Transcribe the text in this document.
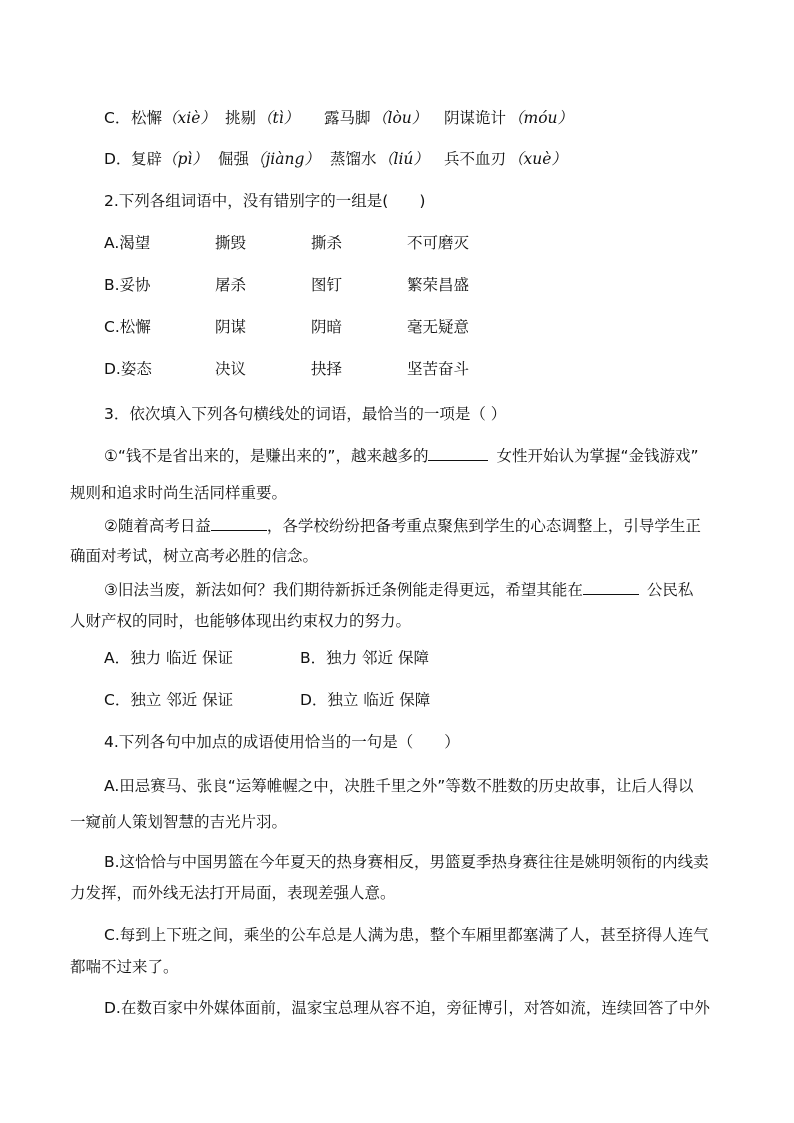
C． 松懈 （xiè） 挑剔 （tì） 露马脚 （lòu） 阴谋诡计 （móu）
D． 复辟 （pì） 倔强 （jiàng） 蒸馏水 （liú） 兵不血刃 （xuè）
2.下列各组词语中，没有错别字的一组是(　　)
A.渴望	撕毁	撕杀	不可磨灭
B.妥协	屠杀	图钉	繁荣昌盛
C.松懈	阴谋	阴暗	毫无疑意
D.姿态	决议	抉择	坚苦奋斗
3．依次填入下列各句横线处的词语，最恰当的一项是（ ）
①“钱不是省出来的，是赚出来的”，越来越多的	女性开始认为掌握“金钱游戏”
规则和追求时尚生活同样重要。
②随着高考日益	，各学校纷纷把备考重点聚焦到学生的心态调整上，引导学生正
确面对考试，树立高考必胜的信念。
③旧法当废，新法如何？我们期待新拆迁条例能走得更远，希望其能在	公民私
人财产权的同时，也能够体现出约束权力的努力。
A．独力 临近 保证	B．独力 邻近 保障
C．独立 邻近 保证	D．独立 临近 保障
4.下列各句中加点的成语使用恰当的一句是（　　）
A.田忌赛马、张良“运筹帷幄之中，决胜千里之外”等数不胜数的历史故事，让后人得以
一窥前人策划智慧的吉光片羽。
B.这恰恰与中国男篮在今年夏天的热身赛相反，男篮夏季热身赛往往是姚明领衔的内线卖
力发挥，而外线无法打开局面，表现差强人意。
C.每到上下班之间，乘坐的公车总是人满为患，整个车厢里都塞满了人，甚至挤得人连气
都喘不过来了。
D.在数百家中外媒体面前，温家宝总理从容不迫，旁征博引，对答如流，连续回答了中外
